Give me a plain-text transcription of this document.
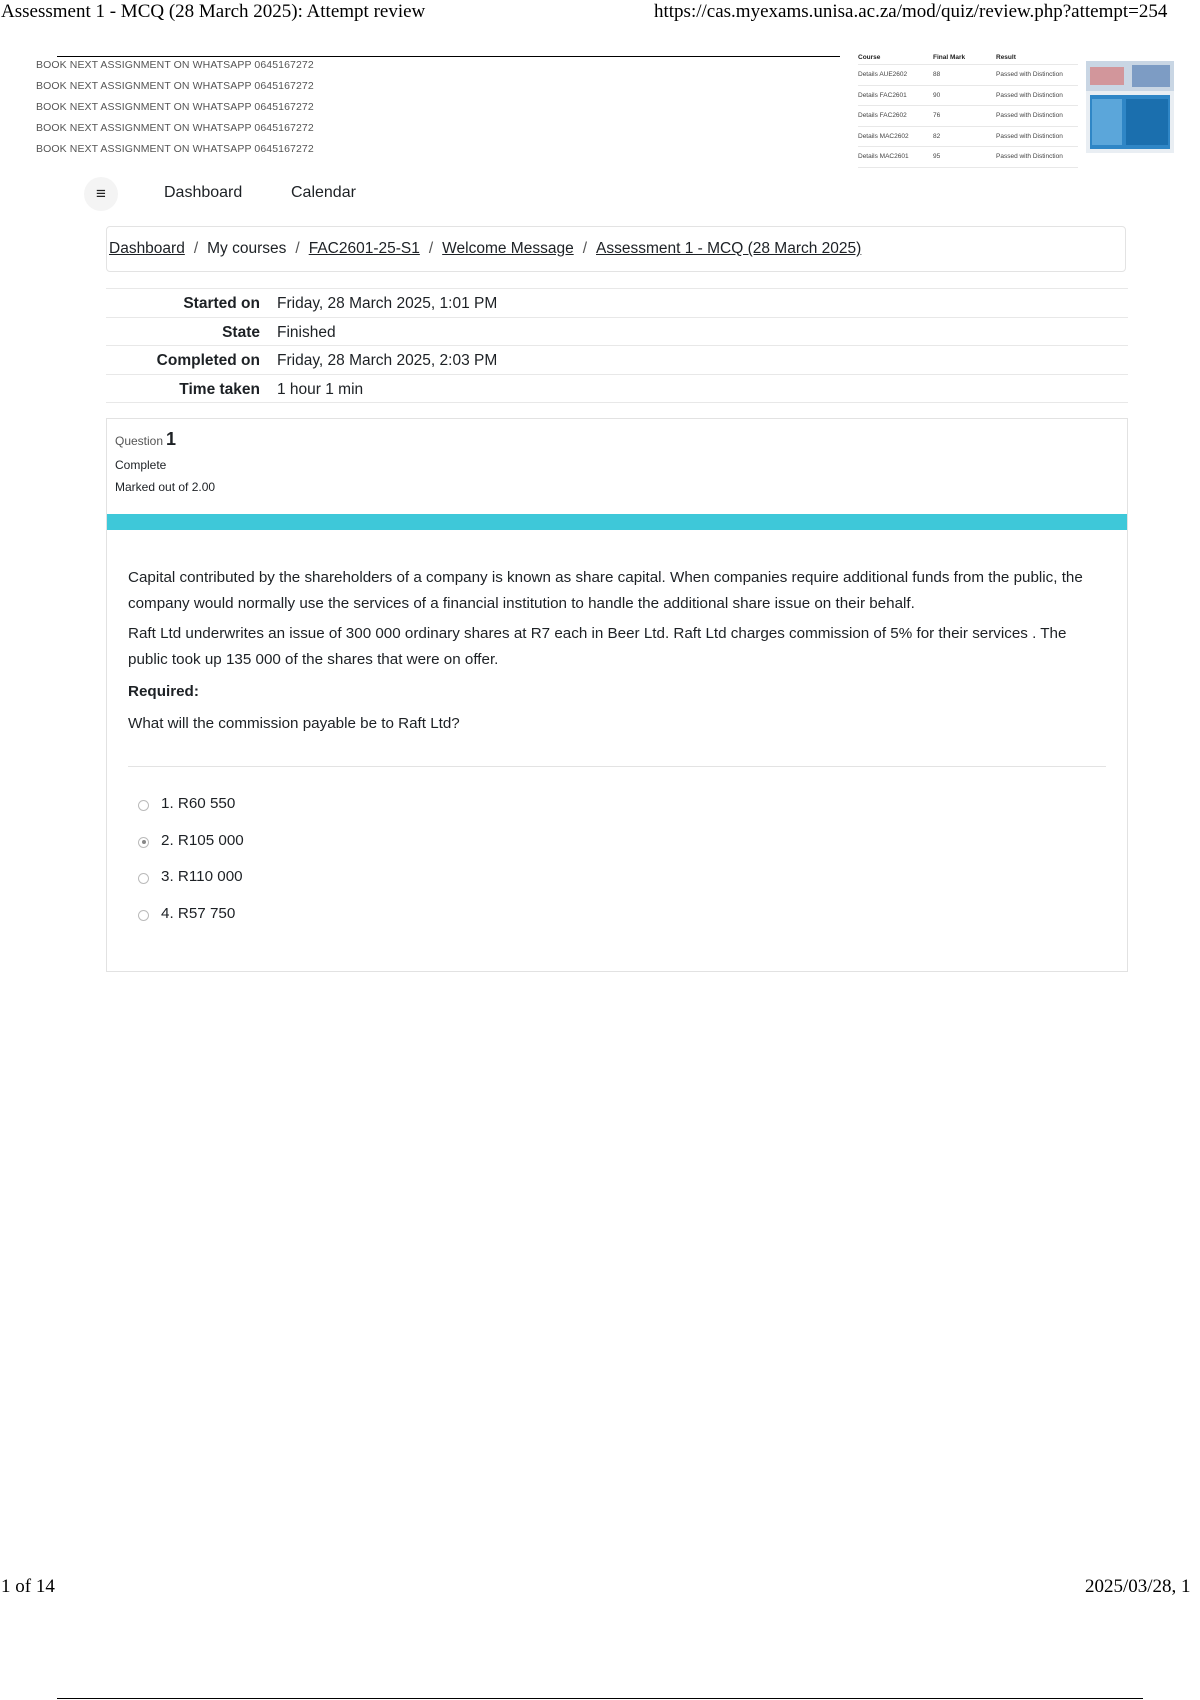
Assessment 1 - MCQ (28 March 2025): Attempt review	https://cas.myexams.unisa.ac.za/mod/quiz/review.php?attempt=254
BOOK NEXT ASSIGNMENT ON WHATSAPP 0645167272
BOOK NEXT ASSIGNMENT ON WHATSAPP 0645167272
BOOK NEXT ASSIGNMENT ON WHATSAPP 0645167272
BOOK NEXT ASSIGNMENT ON WHATSAPP 0645167272
BOOK NEXT ASSIGNMENT ON WHATSAPP 0645167272
Course	Final Mark	Result
Details AUE2602	88	Passed with Distinction
Details FAC2601	90	Passed with Distinction
Details FAC2602	76	Passed with Distinction
Details MAC2602	82	Passed with Distinction
Details MAC2601	95	Passed with Distinction
≡	Dashboard	Calendar
Dashboard / My courses / FAC2601-25-S1 / Welcome Message / Assessment 1 - MCQ (28 March 2025)
Started on Friday, 28 March 2025, 1:01 PM
State Finished
Completed on Friday, 28 March 2025, 2:03 PM
Time taken 1 hour 1 min
Question 1
Complete
Marked out of 2.00

Capital contributed by the shareholders of a company is known as share capital. When companies require additional funds from the public, the company would normally use the services of a financial institution to handle the additional share issue on their behalf.

Raft Ltd underwrites an issue of 300 000 ordinary shares at R7 each in Beer Ltd. Raft Ltd charges commission of 5% for their services . The public took up 135 000 of the shares that were on offer.

Required:

What will the commission payable be to Raft Ltd?

1. R60 550
2. R105 000
3. R110 000
4. R57 750
1 of 14	2025/03/28, 1
